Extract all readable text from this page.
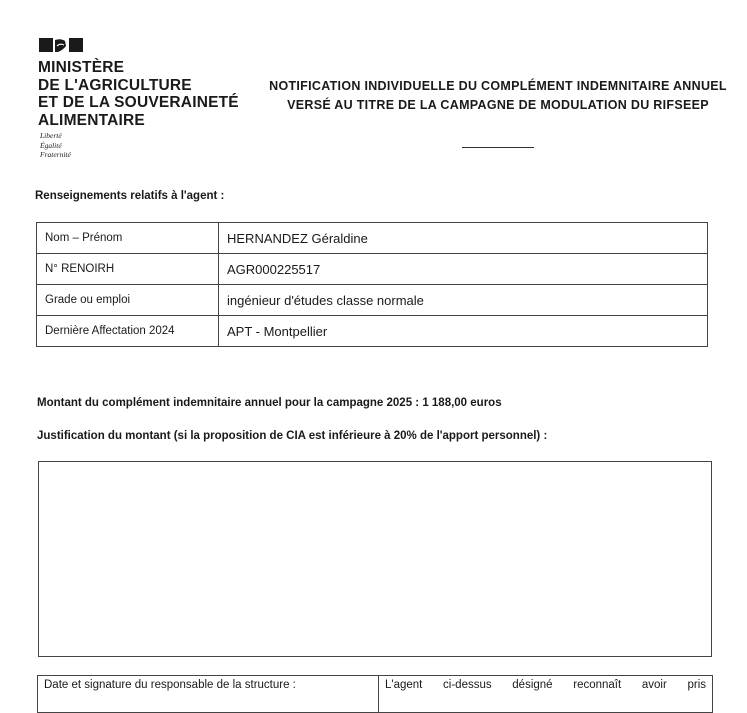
MINISTÈRE
DE L'AGRICULTURE
ET DE LA SOUVERAINETÉ
ALIMENTAIRE
Liberté
Égalité
Fraternité
NOTIFICATION INDIVIDUELLE DU COMPLÉMENT INDEMNITAIRE ANNUEL VERSÉ AU TITRE DE LA CAMPAGNE DE MODULATION DU RIFSEEP
Renseignements relatifs à l'agent :
Nom – Prénom	HERNANDEZ Géraldine
N° RENOIRH	AGR000225517
Grade ou emploi	ingénieur d'études classe normale
Dernière Affectation 2024	APT - Montpellier
Montant du complément indemnitaire annuel pour la campagne 2025 : 1 188,00 euros
Justification du montant (si la proposition de CIA est inférieure à 20% de l'apport personnel) :
Date et signature du responsable de la structure :	L'agent ci-dessus désigné reconnaît avoir pris
